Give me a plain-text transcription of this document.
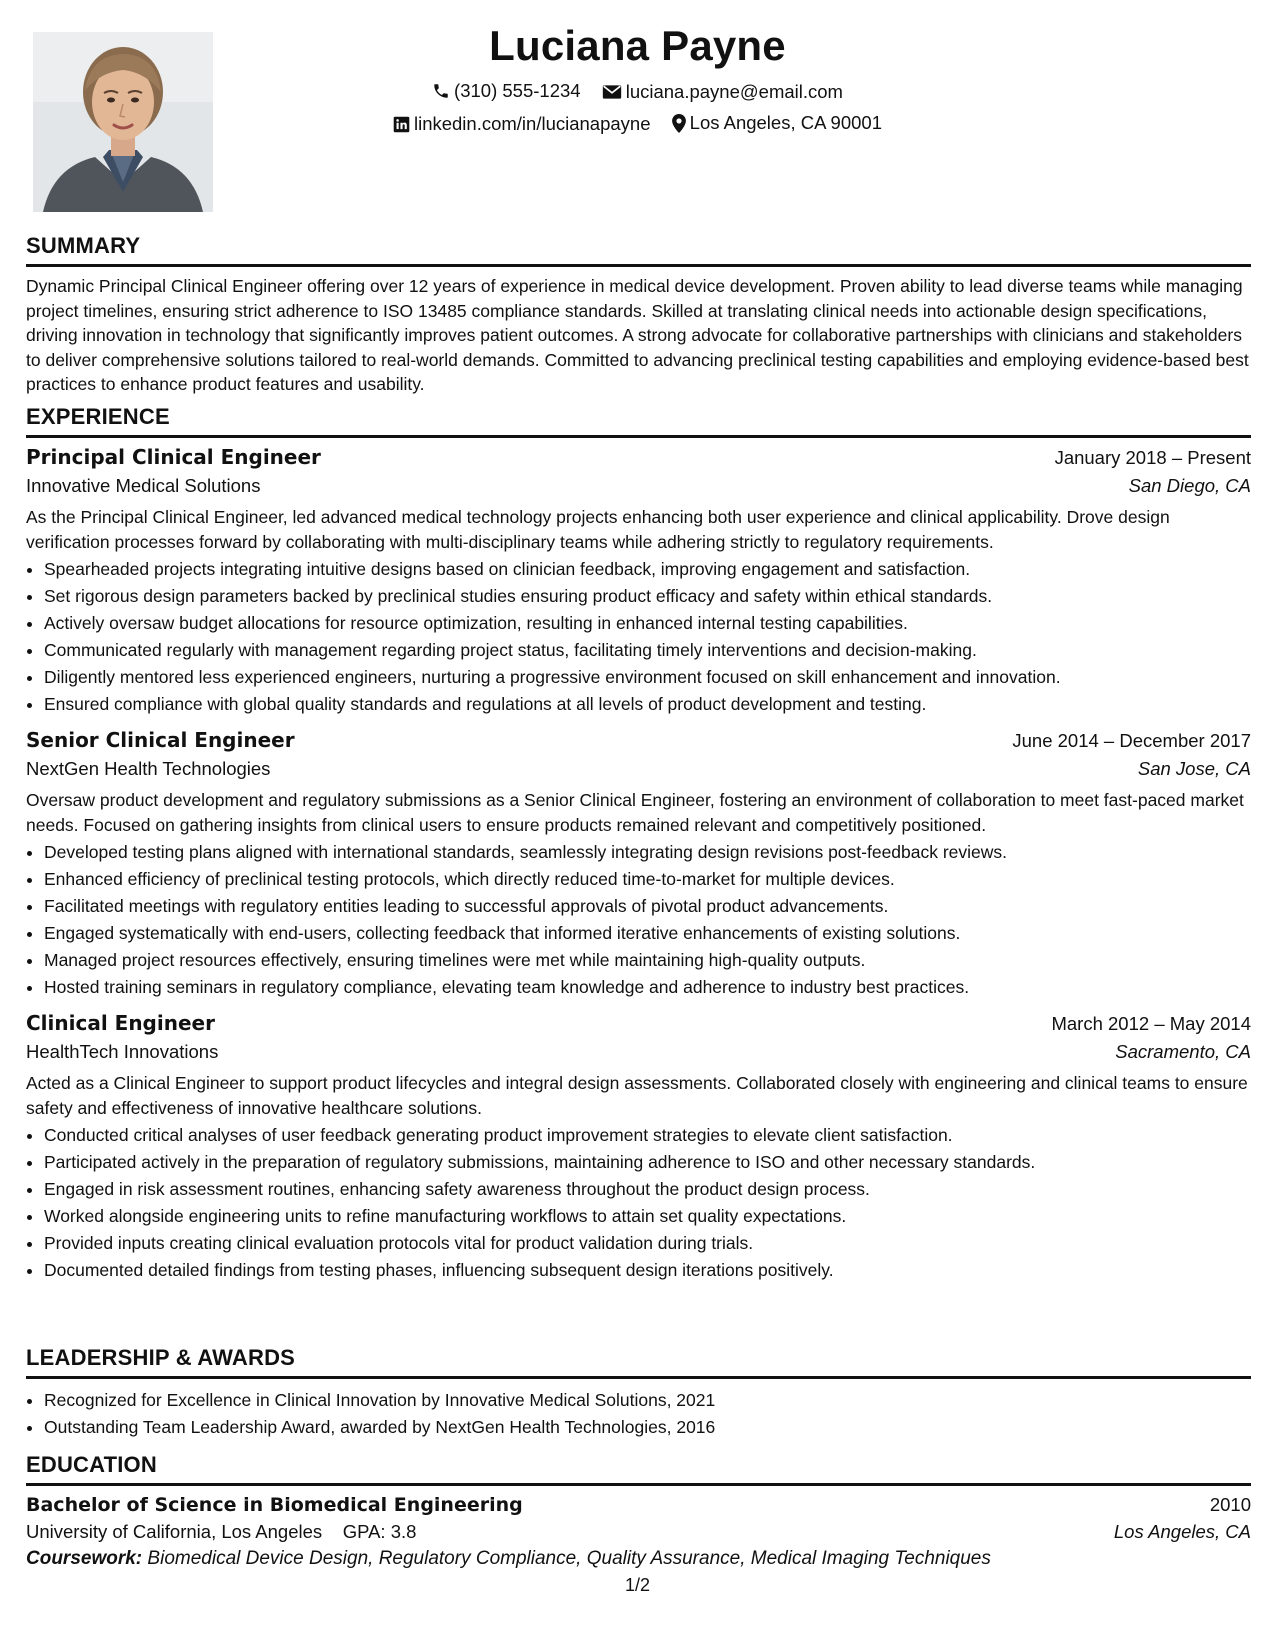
Luciana Payne
(310) 555-1234
luciana.payne@email.com
linkedin.com/in/lucianapayne
Los Angeles, CA 90001
SUMMARY

Dynamic Principal Clinical Engineer offering over 12 years of experience in medical device development. Proven ability to lead diverse teams while managing project timelines, ensuring strict adherence to ISO 13485 compliance standards. Skilled at translating clinical needs into actionable design specifications, driving innovation in technology that significantly improves patient outcomes. A strong advocate for collaborative partnerships with clinicians and stakeholders to deliver comprehensive solutions tailored to real-world demands. Committed to advancing preclinical testing capabilities and employing evidence-based best practices to enhance product features and usability.

EXPERIENCE
Principal Clinical Engineer	January 2018 – Present
Innovative Medical Solutions	San Diego, CA

As the Principal Clinical Engineer, led advanced medical technology projects enhancing both user experience and clinical applicability. Drove design verification processes forward by collaborating with multi-disciplinary teams while adhering strictly to regulatory requirements.

• Spearheaded projects integrating intuitive designs based on clinician feedback, improving engagement and satisfaction.
• Set rigorous design parameters backed by preclinical studies ensuring product efficacy and safety within ethical standards.
• Actively oversaw budget allocations for resource optimization, resulting in enhanced internal testing capabilities.
• Communicated regularly with management regarding project status, facilitating timely interventions and decision-making.
• Diligently mentored less experienced engineers, nurturing a progressive environment focused on skill enhancement and innovation.
• Ensured compliance with global quality standards and regulations at all levels of product development and testing.
Senior Clinical Engineer	June 2014 – December 2017
NextGen Health Technologies	San Jose, CA

Oversaw product development and regulatory submissions as a Senior Clinical Engineer, fostering an environment of collaboration to meet fast-paced market needs. Focused on gathering insights from clinical users to ensure products remained relevant and competitively positioned.

• Developed testing plans aligned with international standards, seamlessly integrating design revisions post-feedback reviews.
• Enhanced efficiency of preclinical testing protocols, which directly reduced time-to-market for multiple devices.
• Facilitated meetings with regulatory entities leading to successful approvals of pivotal product advancements.
• Engaged systematically with end-users, collecting feedback that informed iterative enhancements of existing solutions.
• Managed project resources effectively, ensuring timelines were met while maintaining high-quality outputs.
• Hosted training seminars in regulatory compliance, elevating team knowledge and adherence to industry best practices.
Clinical Engineer	March 2012 – May 2014
HealthTech Innovations	Sacramento, CA

Acted as a Clinical Engineer to support product lifecycles and integral design assessments. Collaborated closely with engineering and clinical teams to ensure safety and effectiveness of innovative healthcare solutions.

• Conducted critical analyses of user feedback generating product improvement strategies to elevate client satisfaction.
• Participated actively in the preparation of regulatory submissions, maintaining adherence to ISO and other necessary standards.
• Engaged in risk assessment routines, enhancing safety awareness throughout the product design process.
• Worked alongside engineering units to refine manufacturing workflows to attain set quality expectations.
• Provided inputs creating clinical evaluation protocols vital for product validation during trials.
• Documented detailed findings from testing phases, influencing subsequent design iterations positively.
LEADERSHIP & AWARDS
• Recognized for Excellence in Clinical Innovation by Innovative Medical Solutions, 2021
• Outstanding Team Leadership Award, awarded by NextGen Health Technologies, 2016
EDUCATION
Bachelor of Science in Biomedical Engineering	2010
University of California, Los Angeles GPA: 3.8	Los Angeles, CA
Coursework: Biomedical Device Design, Regulatory Compliance, Quality Assurance, Medical Imaging Techniques
1/2
